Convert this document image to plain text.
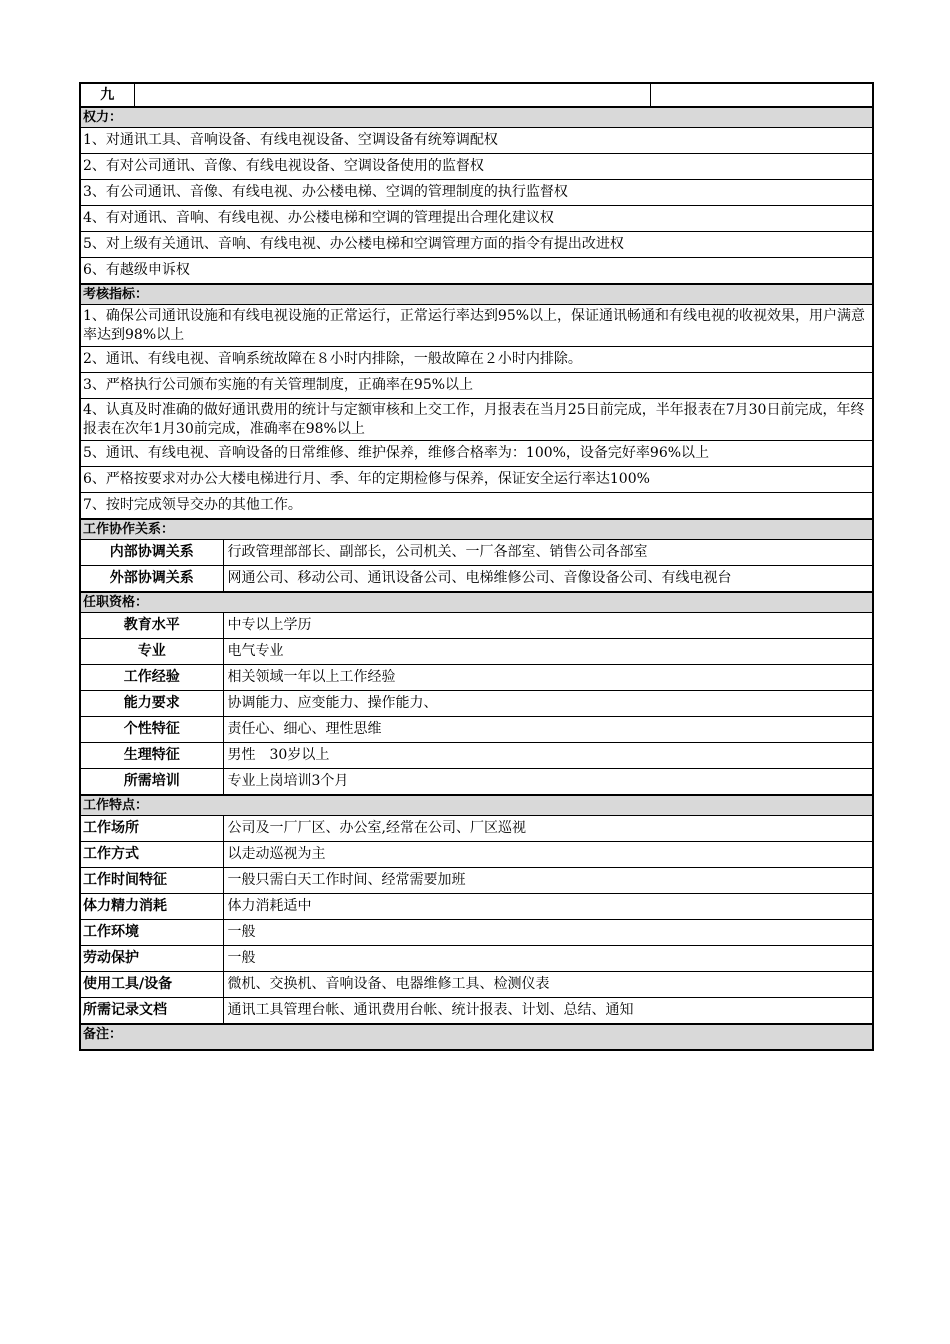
九			
权力：			
1、对通讯工具、音响设备、有线电视设备、空调设备有统筹调配权			
2、有对公司通讯、音像、有线电视设备、空调设备使用的监督权			
3、有公司通讯、音像、有线电视、办公楼电梯、空调的管理制度的执行监督权			
4、有对通讯、音响、有线电视、办公楼电梯和空调的管理提出合理化建议权			
5、对上级有关通讯、音响、有线电视、办公楼电梯和空调管理方面的指令有提出改进权			
6、有越级申诉权			
考核指标：			
1、确保公司通讯设施和有线电视设施的正常运行，正常运行率达到95%以上，保证通讯畅通和有线电视的收视效果，用户满意率达到98%以上			
2、通讯、有线电视、音响系统故障在８小时内排除，一般故障在２小时内排除。			
3、严格执行公司颁布实施的有关管理制度，正确率在95%以上			
4、认真及时准确的做好通讯费用的统计与定额审核和上交工作，月报表在当月25日前完成，半年报表在7月30日前完成，年终报表在次年1月30前完成，准确率在98%以上			
5、通讯、有线电视、音响设备的日常维修、维护保养，维修合格率为：100%，设备完好率96%以上			
6、严格按要求对办公大楼电梯进行月、季、年的定期检修与保养，保证安全运行率达100%			
7、按时完成领导交办的其他工作。			
工作协作关系：			
内部协调关系		行政管理部部长、副部长，公司机关、一厂各部室、销售公司各部室	
外部协调关系		网通公司、移动公司、通讯设备公司、电梯维修公司、音像设备公司、有线电视台	
任职资格：			
教育水平		中专以上学历	
专业		电气专业	
工作经验		相关领域一年以上工作经验	
能力要求		协调能力、应变能力、操作能力、	
个性特征		责任心、细心、理性思维	
生理特征		男性　30岁以上	
所需培训		专业上岗培训3个月	
工作特点：			
工作场所		公司及一厂厂区、办公室,经常在公司、厂区巡视	
工作方式		以走动巡视为主	
工作时间特征		一般只需白天工作时间、经常需要加班	
体力精力消耗		体力消耗适中	
工作环境		一般	
劳动保护		一般	
使用工具/设备		微机、交换机、音响设备、电器维修工具、检测仪表	
所需记录文档		通讯工具管理台帐、通讯费用台帐、统计报表、计划、总结、通知	
备注：			
